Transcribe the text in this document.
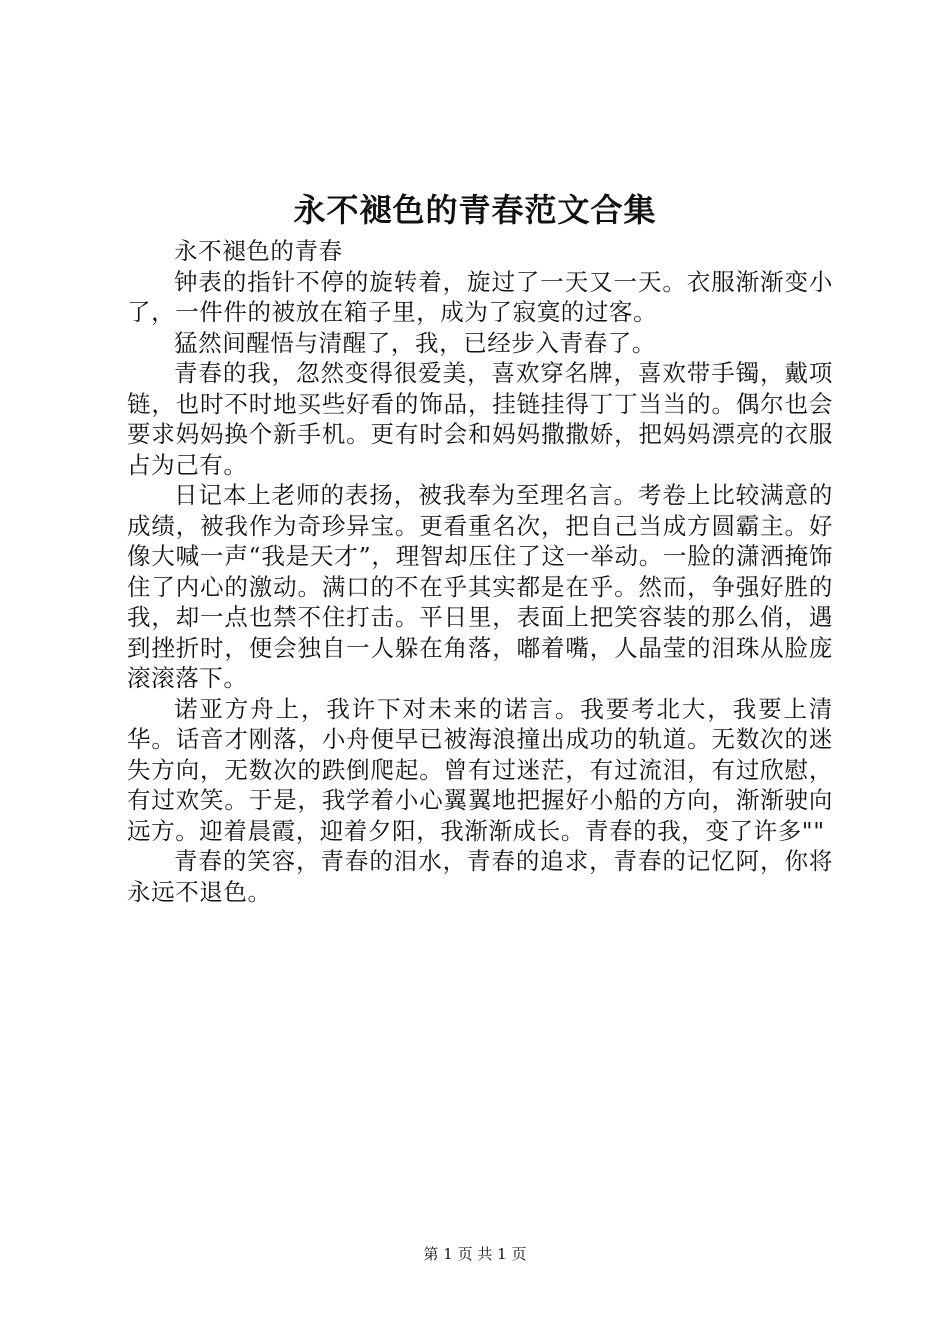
永不褪色的青春范文合集

永不褪色的青春

钟表的指针不停的旋转着，旋过了一天又一天。衣服渐渐变小了，一件件的被放在箱子里，成为了寂寞的过客。

猛然间醒悟与清醒了，我，已经步入青春了。

青春的我，忽然变得很爱美，喜欢穿名牌，喜欢带手镯，戴项链，也时不时地买些好看的饰品，挂链挂得丁丁当当的。偶尔也会要求妈妈换个新手机。更有时会和妈妈撒撒娇，把妈妈漂亮的衣服占为己有。

日记本上老师的表扬，被我奉为至理名言。考卷上比较满意的成绩，被我作为奇珍异宝。更看重名次，把自己当成方圆霸主。好像大喊一声“我是天才”，理智却压住了这一举动。一脸的潇洒掩饰住了内心的激动。满口的不在乎其实都是在乎。然而，争强好胜的我，却一点也禁不住打击。平日里，表面上把笑容装的那么俏，遇到挫折时，便会独自一人躲在角落，嘟着嘴，人晶莹的泪珠从脸庞滚滚落下。

诺亚方舟上，我许下对未来的诺言。我要考北大，我要上清华。话音才刚落，小舟便早已被海浪撞出成功的轨道。无数次的迷失方向，无数次的跌倒爬起。曾有过迷茫，有过流泪，有过欣慰，有过欢笑。于是，我学着小心翼翼地把握好小船的方向，渐渐驶向远方。迎着晨霞，迎着夕阳，我渐渐成长。青春的我，变了许多""

青春的笑容，青春的泪水，青春的追求，青春的记忆阿，你将永远不退色。

第 1 页 共 1 页
